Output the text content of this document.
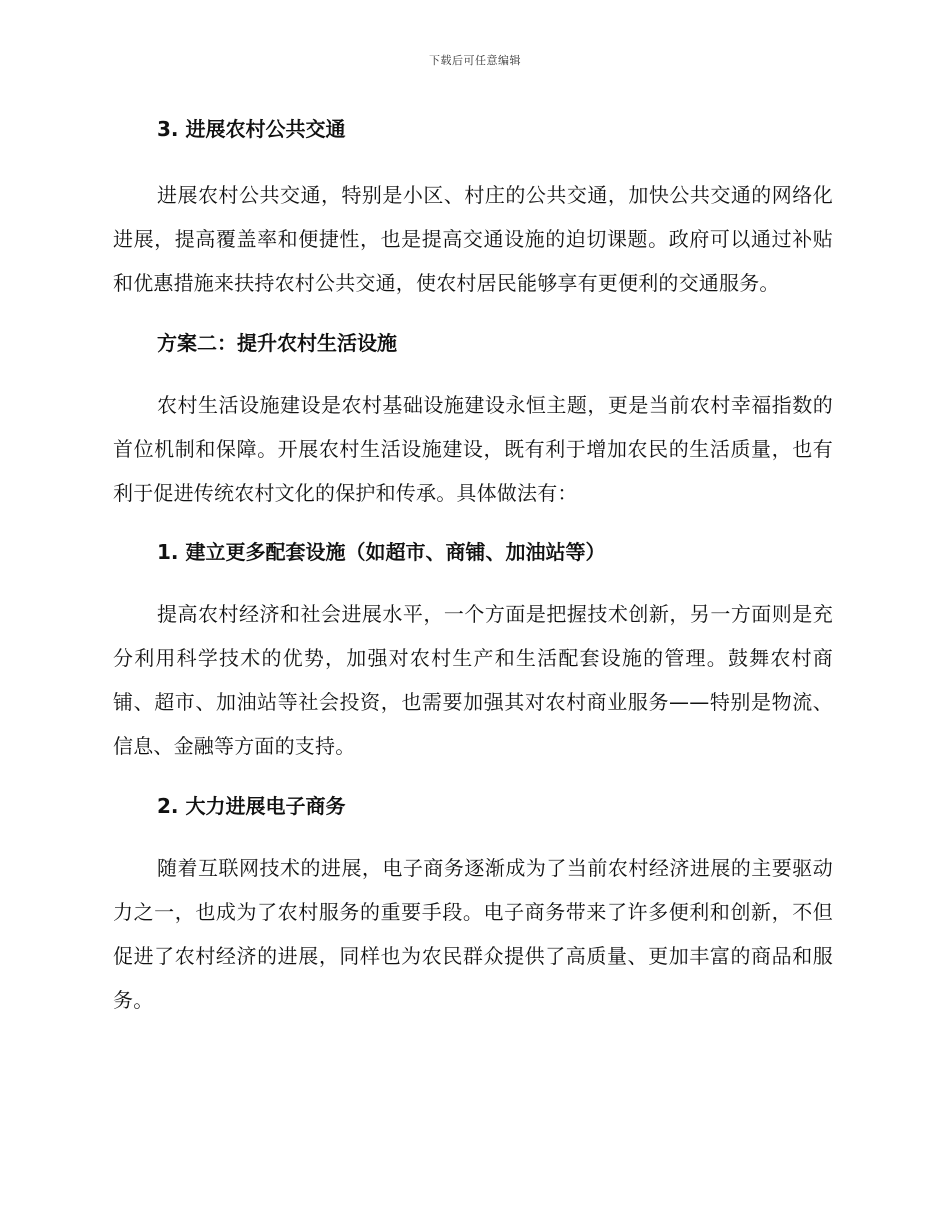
下载后可任意编辑

3. 进展农村公共交通

进展农村公共交通，特别是小区、村庄的公共交通，加快公共交通的网络化进展，提高覆盖率和便捷性，也是提高交通设施的迫切课题。政府可以通过补贴和优惠措施来扶持农村公共交通，使农村居民能够享有更便利的交通服务。

方案二：提升农村生活设施

农村生活设施建设是农村基础设施建设永恒主题，更是当前农村幸福指数的首位机制和保障。开展农村生活设施建设，既有利于增加农民的生活质量，也有利于促进传统农村文化的保护和传承。具体做法有：

1. 建立更多配套设施（如超市、商铺、加油站等）

提高农村经济和社会进展水平，一个方面是把握技术创新，另一方面则是充分利用科学技术的优势，加强对农村生产和生活配套设施的管理。鼓舞农村商铺、超市、加油站等社会投资，也需要加强其对农村商业服务——特别是物流、信息、金融等方面的支持。

2. 大力进展电子商务

随着互联网技术的进展，电子商务逐渐成为了当前农村经济进展的主要驱动力之一，也成为了农村服务的重要手段。电子商务带来了许多便利和创新，不但促进了农村经济的进展，同样也为农民群众提供了高质量、更加丰富的商品和服务。
